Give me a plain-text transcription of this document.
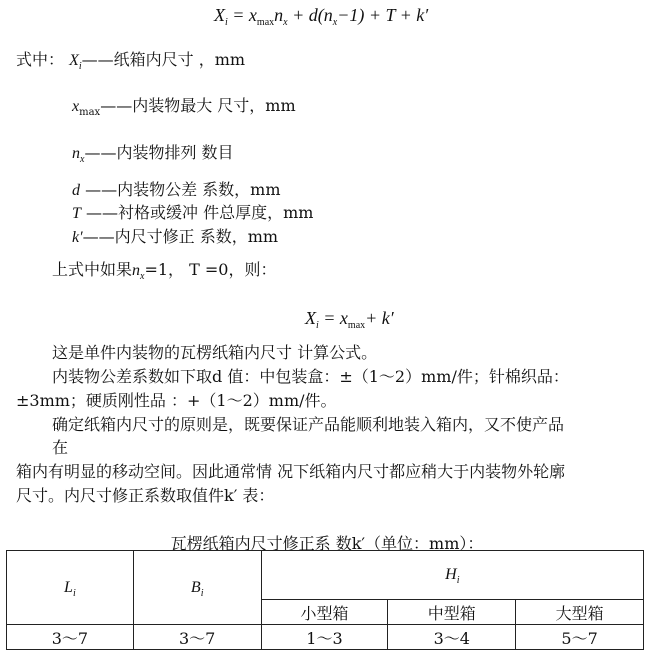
$X_i = x_{max}n_x + d(n_x-1) + T + k'$
式中： $X_i——$纸箱内尺寸 ，mm
$x_{max}——$内装物最大 尺寸，mm
$n_x——$内装物排列 数目
d ——内装物公差 系数，mm
T ——衬格或缓冲 件总厚度，mm
k′——内尺寸修正 系数，mm
上式中如果$n_x=1$， T =0，则：
$X_i = x_{max}+ k'$
这是单件内装物的瓦楞纸箱内尺寸 计算公式。
内装物公差系数如下取d 值：中包装盒：±（1～2）mm/件；针棉织品：
±3mm；硬质刚性品 ：+（1～2）mm/件。
确定纸箱内尺寸的原则是，既要保证产品能顺利地装入箱内，又不使产品
在
箱内有明显的移动空间。因此通常情 况下纸箱内尺寸都应稍大于内装物外轮廓
尺寸。内尺寸修正系数取值件k′ 表：
瓦楞纸箱内尺寸修正系 数k′（单位：mm）：
$L_i$	$B_i$	$H_i$
		小型箱	中型箱	大型箱
3～7	3～7	1～3	3～4	5～7
